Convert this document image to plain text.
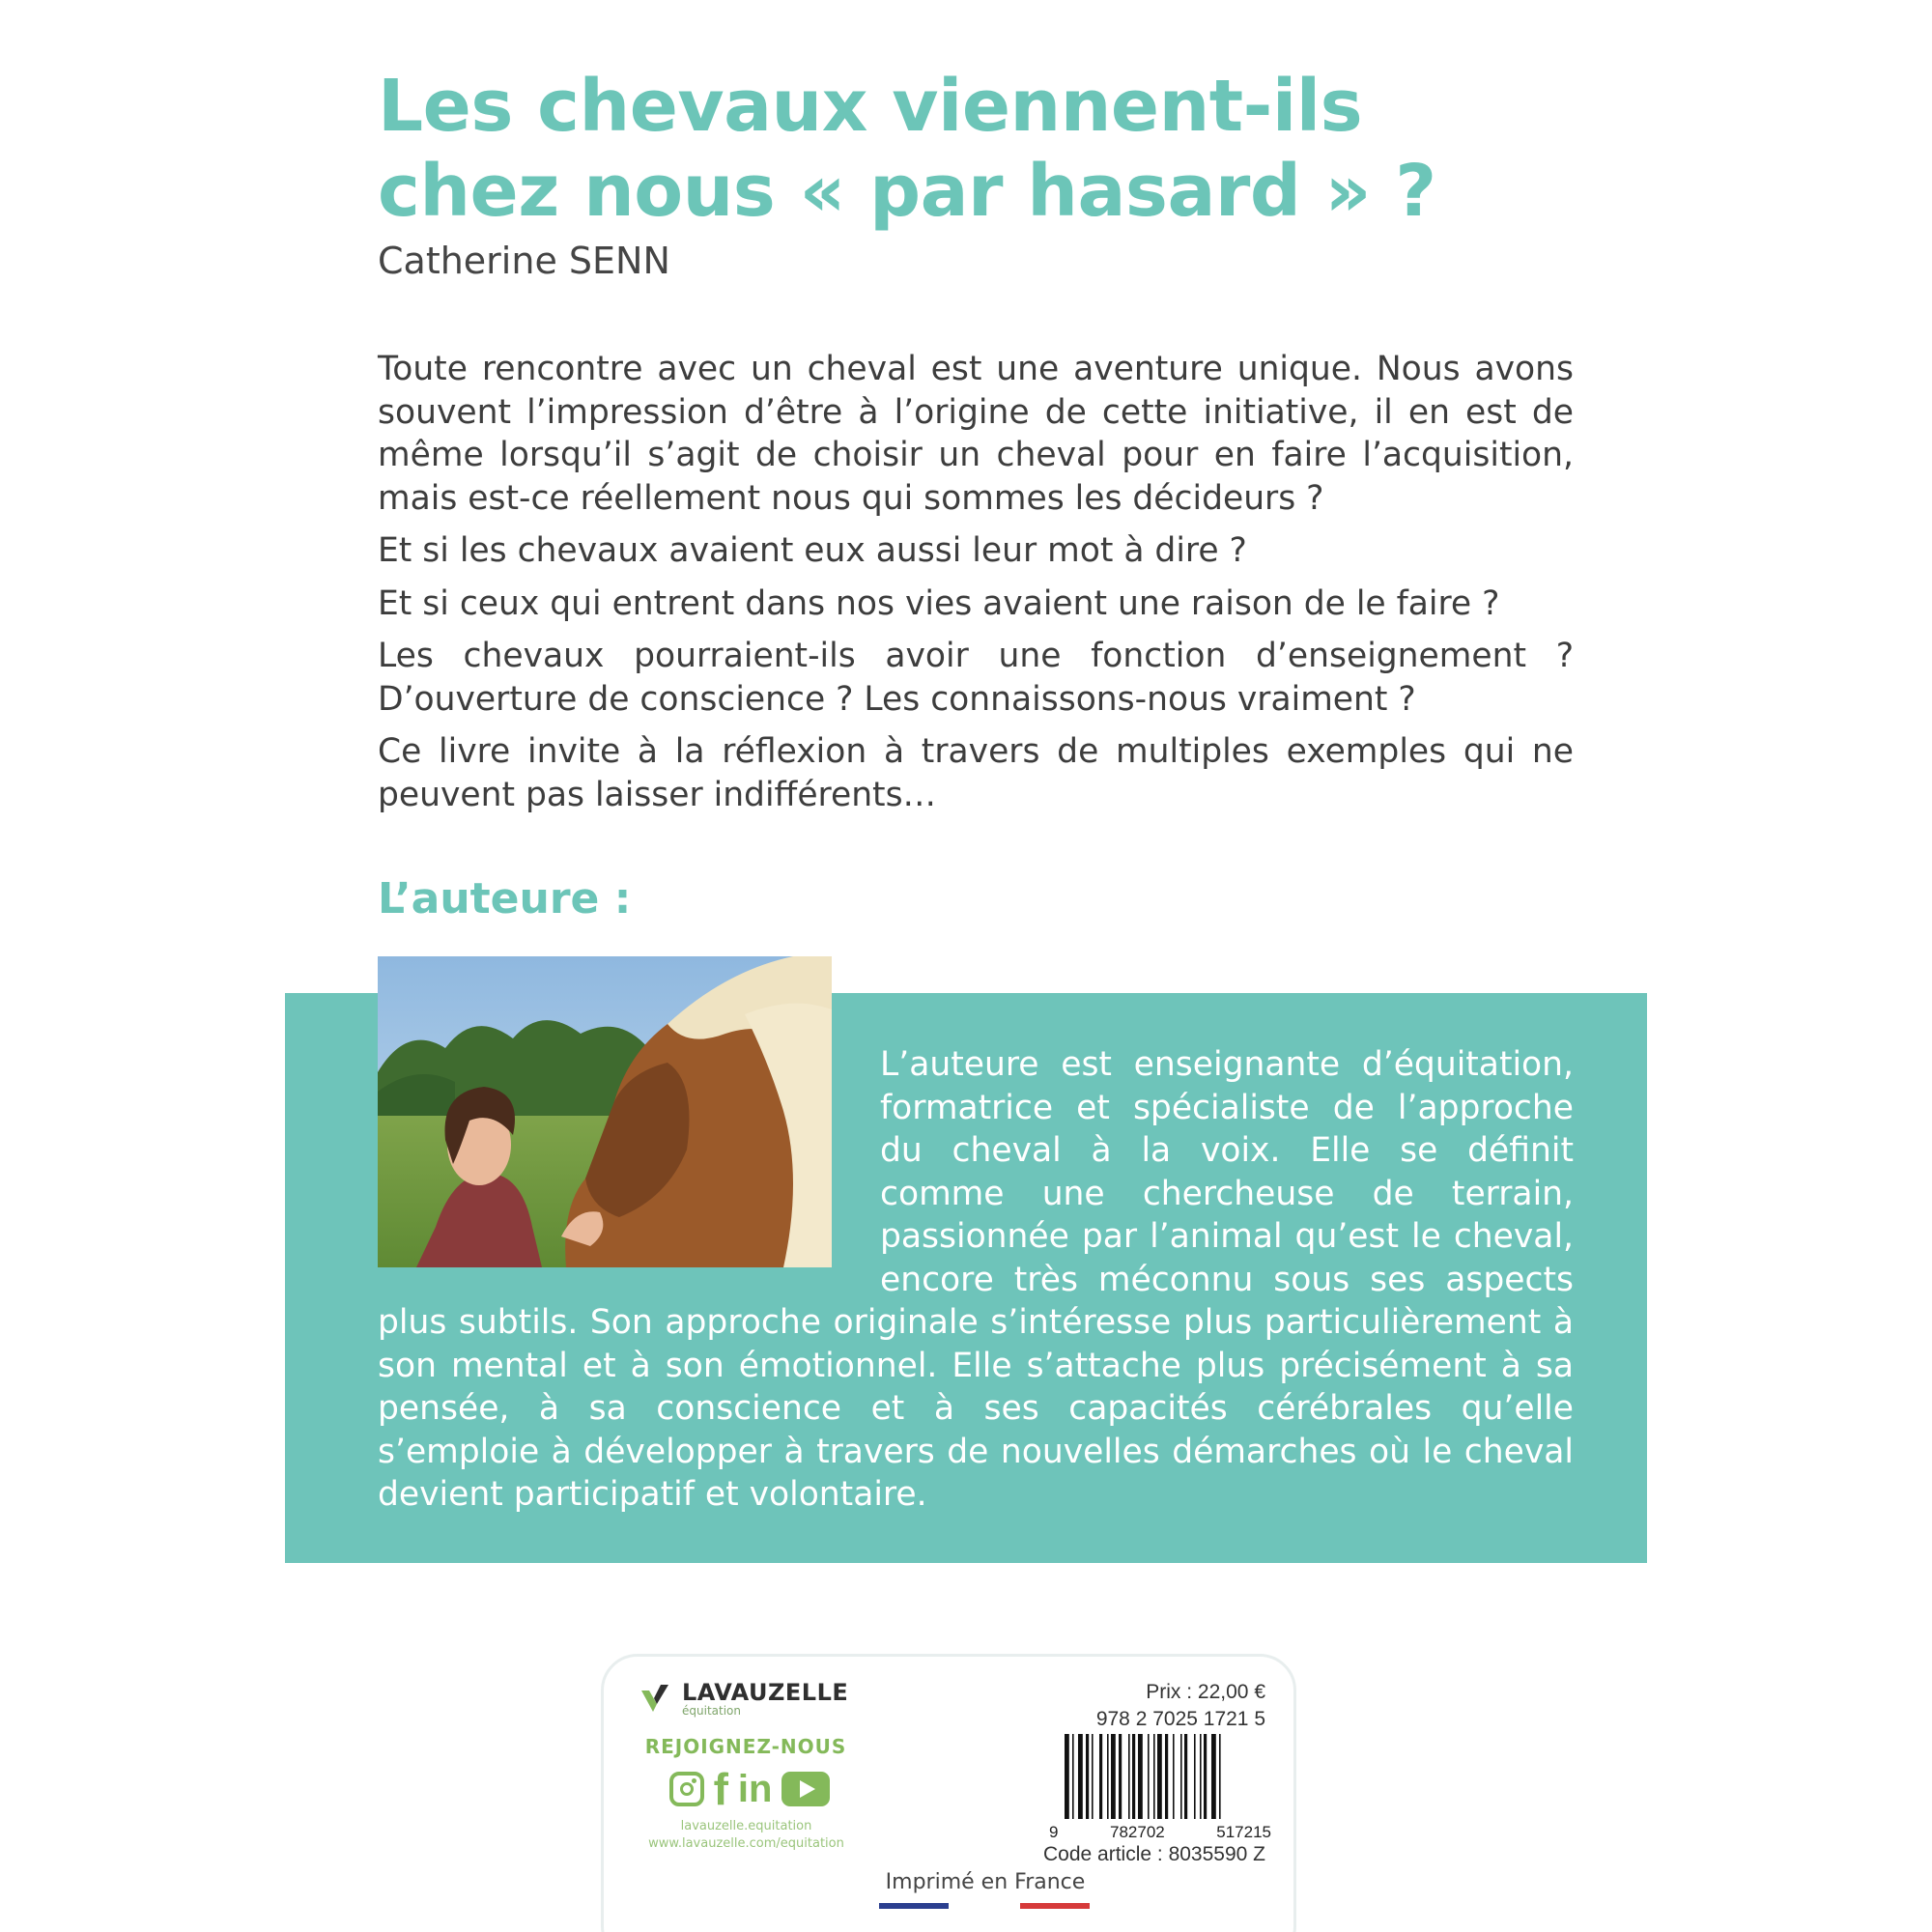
Les chevaux viennent-ils
chez nous « par hasard » ?
Catherine SENN

Toute rencontre avec un cheval est une aventure unique. Nous avons souvent l’impression d’être à l’origine de cette initiative, il en est de même lorsqu’il s’agit de choisir un cheval pour en faire l’acquisition, mais est-ce réellement nous qui sommes les décideurs ?

Et si les chevaux avaient eux aussi leur mot à dire ?

Et si ceux qui entrent dans nos vies avaient une raison de le faire ?

Les chevaux pourraient-ils avoir une fonction d’enseignement ? D’ouverture de conscience ? Les connaissons-nous vraiment ?

Ce livre invite à la réflexion à travers de multiples exemples qui ne peuvent pas laisser indifférents…

L’auteure :
L’auteure est enseignante d’équitation, formatrice et spécialiste de l’approche du cheval à la voix. Elle se définit comme une chercheuse de terrain, passionnée par l’animal qu’est le cheval, encore très méconnu sous ses aspects plus subtils. Son approche originale s’intéresse plus particulièrement à son mental et à son émotionnel. Elle s’attache plus précisément à sa pensée, à sa conscience et à ses capacités cérébrales qu’elle s’emploie à développer à travers de nouvelles démarches où le cheval devient participatif et volontaire.
LAVAUZELLE
équitation
REJOIGNEZ-NOUS
f in
lavauzelle.equitation
www.lavauzelle.com/equitation
Prix : 22,00 €
978 2 7025 1721 5
9	782702	517215
Code article : 8035590 Z
Imprimé en France
